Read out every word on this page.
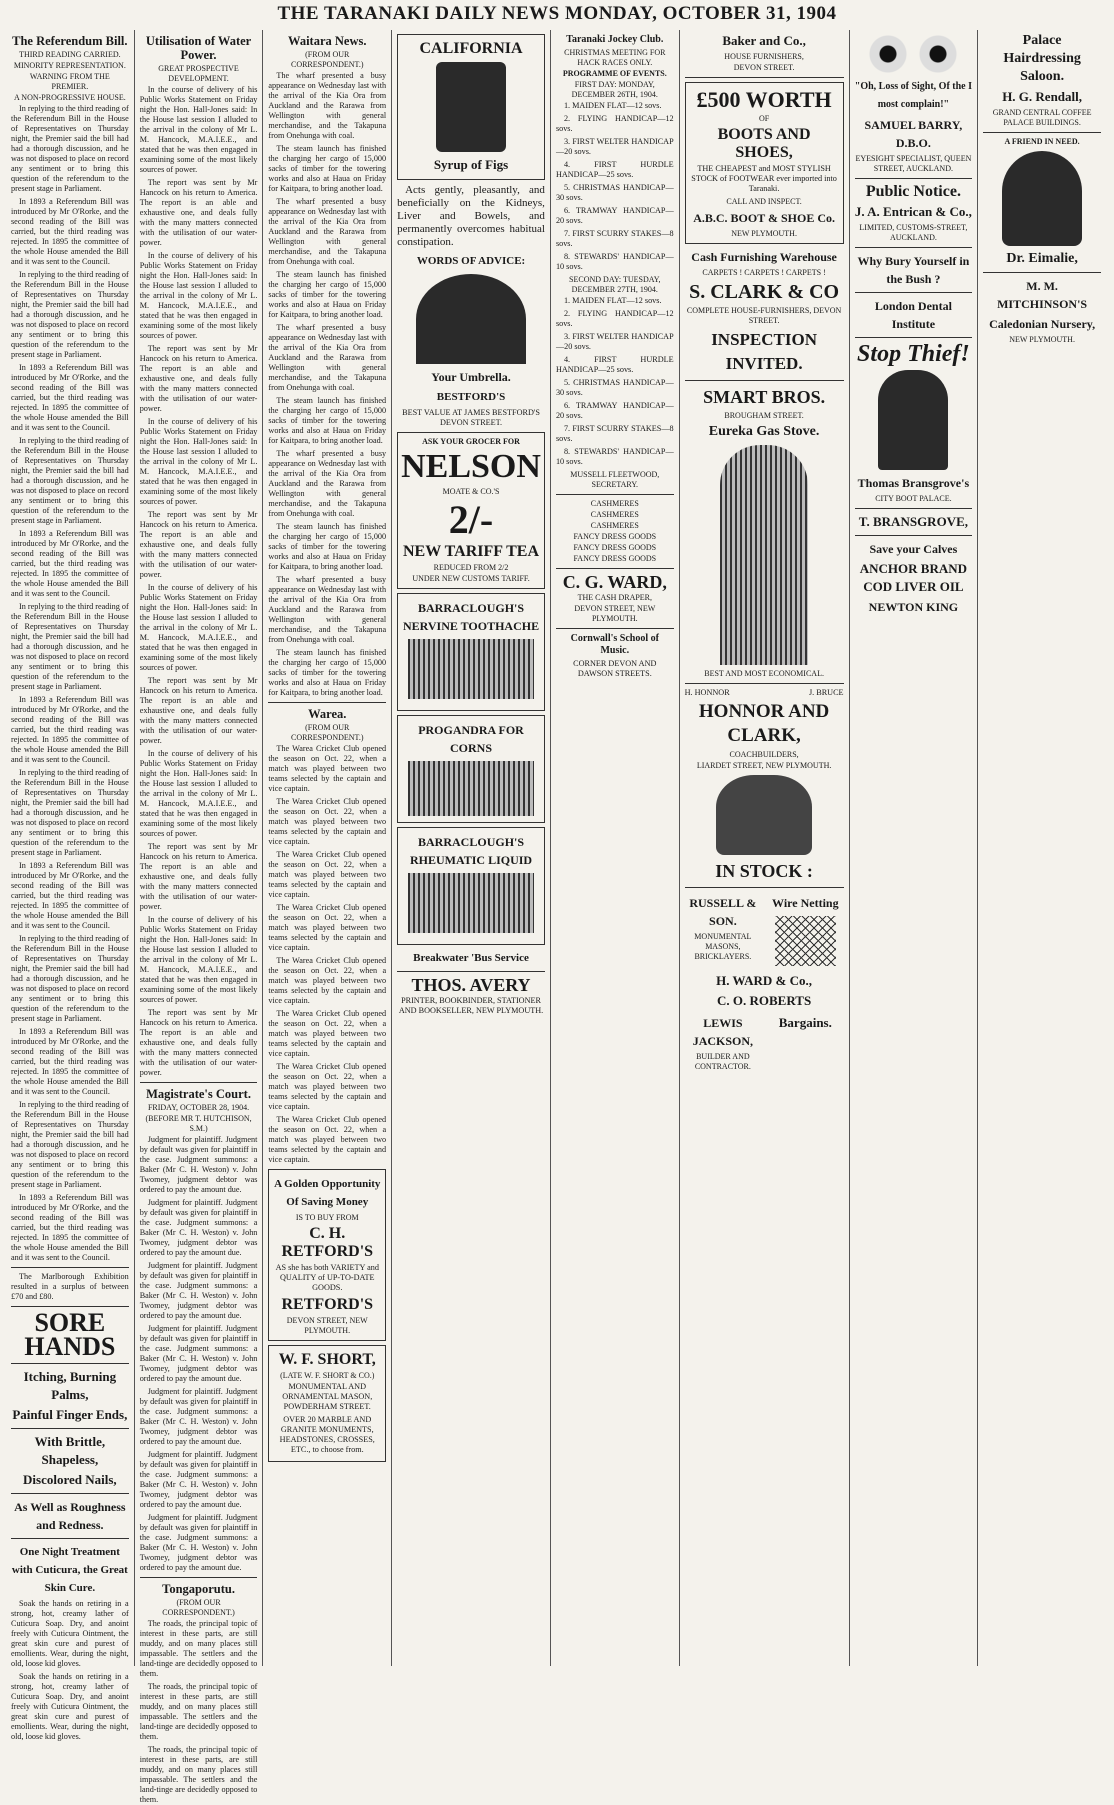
THE TARANAKI DAILY NEWS MONDAY, OCTOBER 31, 1904
The Referendum Bill.
THIRD READING CARRIED.
MINORITY REPRESENTATION.
WARNING FROM THE PREMIER.
A NON-PROGRESSIVE HOUSE.

In replying to the third reading of the Referendum Bill in the House of Representatives on Thursday night, the Premier said the bill had had a thorough discussion, and he was not disposed to place on record any sentiment or to bring this question of the referendum to the present stage in Parliament.

In 1893 a Referendum Bill was introduced by Mr O'Rorke, and the second reading of the Bill was carried, but the third reading was rejected. In 1895 the committee of the whole House amended the Bill and it was sent to the Council.

In replying to the third reading of the Referendum Bill in the House of Representatives on Thursday night, the Premier said the bill had had a thorough discussion, and he was not disposed to place on record any sentiment or to bring this question of the referendum to the present stage in Parliament.

In 1893 a Referendum Bill was introduced by Mr O'Rorke, and the second reading of the Bill was carried, but the third reading was rejected. In 1895 the committee of the whole House amended the Bill and it was sent to the Council.

In replying to the third reading of the Referendum Bill in the House of Representatives on Thursday night, the Premier said the bill had had a thorough discussion, and he was not disposed to place on record any sentiment or to bring this question of the referendum to the present stage in Parliament.

In 1893 a Referendum Bill was introduced by Mr O'Rorke, and the second reading of the Bill was carried, but the third reading was rejected. In 1895 the committee of the whole House amended the Bill and it was sent to the Council.

In replying to the third reading of the Referendum Bill in the House of Representatives on Thursday night, the Premier said the bill had had a thorough discussion, and he was not disposed to place on record any sentiment or to bring this question of the referendum to the present stage in Parliament.

In 1893 a Referendum Bill was introduced by Mr O'Rorke, and the second reading of the Bill was carried, but the third reading was rejected. In 1895 the committee of the whole House amended the Bill and it was sent to the Council.

In replying to the third reading of the Referendum Bill in the House of Representatives on Thursday night, the Premier said the bill had had a thorough discussion, and he was not disposed to place on record any sentiment or to bring this question of the referendum to the present stage in Parliament.

In 1893 a Referendum Bill was introduced by Mr O'Rorke, and the second reading of the Bill was carried, but the third reading was rejected. In 1895 the committee of the whole House amended the Bill and it was sent to the Council.

In replying to the third reading of the Referendum Bill in the House of Representatives on Thursday night, the Premier said the bill had had a thorough discussion, and he was not disposed to place on record any sentiment or to bring this question of the referendum to the present stage in Parliament.

In 1893 a Referendum Bill was introduced by Mr O'Rorke, and the second reading of the Bill was carried, but the third reading was rejected. In 1895 the committee of the whole House amended the Bill and it was sent to the Council.

In replying to the third reading of the Referendum Bill in the House of Representatives on Thursday night, the Premier said the bill had had a thorough discussion, and he was not disposed to place on record any sentiment or to bring this question of the referendum to the present stage in Parliament.

In 1893 a Referendum Bill was introduced by Mr O'Rorke, and the second reading of the Bill was carried, but the third reading was rejected. In 1895 the committee of the whole House amended the Bill and it was sent to the Council.

The Marlborough Exhibition resulted in a surplus of between £70 and £80.

SORE HANDS
Itching, Burning Palms,
Painful Finger Ends,
With Brittle, Shapeless,
Discolored Nails,
As Well as Roughness and Redness.
One Night Treatment with Cuticura, the Great Skin Cure.

Soak the hands on retiring in a strong, hot, creamy lather of Cuticura Soap. Dry, and anoint freely with Cuticura Ointment, the great skin cure and purest of emollients. Wear, during the night, old, loose kid gloves.

Soak the hands on retiring in a strong, hot, creamy lather of Cuticura Soap. Dry, and anoint freely with Cuticura Ointment, the great skin cure and purest of emollients. Wear, during the night, old, loose kid gloves.

Utilisation of Water Power.
GREAT PROSPECTIVE DEVELOPMENT.

In the course of delivery of his Public Works Statement on Friday night the Hon. Hall-Jones said: In the House last session I alluded to the arrival in the colony of Mr L. M. Hancock, M.A.I.E.E., and stated that he was then engaged in examining some of the most likely sources of power.

The report was sent by Mr Hancock on his return to America. The report is an able and exhaustive one, and deals fully with the many matters connected with the utilisation of our water-power.

In the course of delivery of his Public Works Statement on Friday night the Hon. Hall-Jones said: In the House last session I alluded to the arrival in the colony of Mr L. M. Hancock, M.A.I.E.E., and stated that he was then engaged in examining some of the most likely sources of power.

The report was sent by Mr Hancock on his return to America. The report is an able and exhaustive one, and deals fully with the many matters connected with the utilisation of our water-power.

In the course of delivery of his Public Works Statement on Friday night the Hon. Hall-Jones said: In the House last session I alluded to the arrival in the colony of Mr L. M. Hancock, M.A.I.E.E., and stated that he was then engaged in examining some of the most likely sources of power.

The report was sent by Mr Hancock on his return to America. The report is an able and exhaustive one, and deals fully with the many matters connected with the utilisation of our water-power.

In the course of delivery of his Public Works Statement on Friday night the Hon. Hall-Jones said: In the House last session I alluded to the arrival in the colony of Mr L. M. Hancock, M.A.I.E.E., and stated that he was then engaged in examining some of the most likely sources of power.

The report was sent by Mr Hancock on his return to America. The report is an able and exhaustive one, and deals fully with the many matters connected with the utilisation of our water-power.

In the course of delivery of his Public Works Statement on Friday night the Hon. Hall-Jones said: In the House last session I alluded to the arrival in the colony of Mr L. M. Hancock, M.A.I.E.E., and stated that he was then engaged in examining some of the most likely sources of power.

The report was sent by Mr Hancock on his return to America. The report is an able and exhaustive one, and deals fully with the many matters connected with the utilisation of our water-power.

In the course of delivery of his Public Works Statement on Friday night the Hon. Hall-Jones said: In the House last session I alluded to the arrival in the colony of Mr L. M. Hancock, M.A.I.E.E., and stated that he was then engaged in examining some of the most likely sources of power.

The report was sent by Mr Hancock on his return to America. The report is an able and exhaustive one, and deals fully with the many matters connected with the utilisation of our water-power.

Magistrate's Court.
FRIDAY, OCTOBER 28, 1904.
(BEFORE MR T. HUTCHISON, S.M.)

Judgment for plaintiff. Judgment by default was given for plaintiff in the case. Judgment summons: a Baker (Mr C. H. Weston) v. John Twomey, judgment debtor was ordered to pay the amount due.

Judgment for plaintiff. Judgment by default was given for plaintiff in the case. Judgment summons: a Baker (Mr C. H. Weston) v. John Twomey, judgment debtor was ordered to pay the amount due.

Judgment for plaintiff. Judgment by default was given for plaintiff in the case. Judgment summons: a Baker (Mr C. H. Weston) v. John Twomey, judgment debtor was ordered to pay the amount due.

Judgment for plaintiff. Judgment by default was given for plaintiff in the case. Judgment summons: a Baker (Mr C. H. Weston) v. John Twomey, judgment debtor was ordered to pay the amount due.

Judgment for plaintiff. Judgment by default was given for plaintiff in the case. Judgment summons: a Baker (Mr C. H. Weston) v. John Twomey, judgment debtor was ordered to pay the amount due.

Judgment for plaintiff. Judgment by default was given for plaintiff in the case. Judgment summons: a Baker (Mr C. H. Weston) v. John Twomey, judgment debtor was ordered to pay the amount due.

Judgment for plaintiff. Judgment by default was given for plaintiff in the case. Judgment summons: a Baker (Mr C. H. Weston) v. John Twomey, judgment debtor was ordered to pay the amount due.

Tongaporutu.
(FROM OUR CORRESPONDENT.)

The roads, the principal topic of interest in these parts, are still muddy, and on many places still impassable. The settlers and the land-tinge are decidedly opposed to them.

The roads, the principal topic of interest in these parts, are still muddy, and on many places still impassable. The settlers and the land-tinge are decidedly opposed to them.

The roads, the principal topic of interest in these parts, are still muddy, and on many places still impassable. The settlers and the land-tinge are decidedly opposed to them.

Waitara News.
(FROM OUR CORRESPONDENT.)

The wharf presented a busy appearance on Wednesday last with the arrival of the Kia Ora from Auckland and the Rarawa from Wellington with general merchandise, and the Takapuna from Onehunga with coal.

The steam launch has finished the charging her cargo of 15,000 sacks of timber for the towering works and also at Haua on Friday for Kaitpara, to bring another load.

The wharf presented a busy appearance on Wednesday last with the arrival of the Kia Ora from Auckland and the Rarawa from Wellington with general merchandise, and the Takapuna from Onehunga with coal.

The steam launch has finished the charging her cargo of 15,000 sacks of timber for the towering works and also at Haua on Friday for Kaitpara, to bring another load.

The wharf presented a busy appearance on Wednesday last with the arrival of the Kia Ora from Auckland and the Rarawa from Wellington with general merchandise, and the Takapuna from Onehunga with coal.

The steam launch has finished the charging her cargo of 15,000 sacks of timber for the towering works and also at Haua on Friday for Kaitpara, to bring another load.

The wharf presented a busy appearance on Wednesday last with the arrival of the Kia Ora from Auckland and the Rarawa from Wellington with general merchandise, and the Takapuna from Onehunga with coal.

The steam launch has finished the charging her cargo of 15,000 sacks of timber for the towering works and also at Haua on Friday for Kaitpara, to bring another load.

The wharf presented a busy appearance on Wednesday last with the arrival of the Kia Ora from Auckland and the Rarawa from Wellington with general merchandise, and the Takapuna from Onehunga with coal.

The steam launch has finished the charging her cargo of 15,000 sacks of timber for the towering works and also at Haua on Friday for Kaitpara, to bring another load.

Warea.
(FROM OUR CORRESPONDENT.)

The Warea Cricket Club opened the season on Oct. 22, when a match was played between two teams selected by the captain and vice captain.

The Warea Cricket Club opened the season on Oct. 22, when a match was played between two teams selected by the captain and vice captain.

The Warea Cricket Club opened the season on Oct. 22, when a match was played between two teams selected by the captain and vice captain.

The Warea Cricket Club opened the season on Oct. 22, when a match was played between two teams selected by the captain and vice captain.

The Warea Cricket Club opened the season on Oct. 22, when a match was played between two teams selected by the captain and vice captain.

The Warea Cricket Club opened the season on Oct. 22, when a match was played between two teams selected by the captain and vice captain.

The Warea Cricket Club opened the season on Oct. 22, when a match was played between two teams selected by the captain and vice captain.

The Warea Cricket Club opened the season on Oct. 22, when a match was played between two teams selected by the captain and vice captain.

A Golden Opportunity Of Saving Money
IS TO BUY FROM
C. H. RETFORD'S

AS she has both VARIETY and QUALITY of UP-TO-DATE GOODS.

RETFORD'S
DEVON STREET, NEW PLYMOUTH.
W. F. SHORT,
(LATE W. F. SHORT & CO.)

MONUMENTAL AND ORNAMENTAL MASON, POWDERHAM STREET.

OVER 20 MARBLE AND GRANITE MONUMENTS, HEADSTONES, CROSSES, ETC., to choose from.

CALIFORNIA
Syrup of Figs

Acts gently, pleasantly, and beneficially on the Kidneys, Liver and Bowels, and permanently overcomes habitual constipation.

WORDS OF ADVICE:
Your Umbrella.
BESTFORD'S

BEST VALUE AT JAMES BESTFORD'S DEVON STREET.

ASK YOUR GROCER FOR
NELSON
MOATE & CO.'S
2/-
NEW TARIFF TEA
REDUCED FROM 2/2
UNDER NEW CUSTOMS TARIFF.
BARRACLOUGH'S NERVINE TOOTHACHE
PROGANDRA FOR CORNS
BARRACLOUGH'S RHEUMATIC LIQUID
Breakwater 'Bus Service
THOS. AVERY

PRINTER, BOOKBINDER, STATIONER AND BOOKSELLER, NEW PLYMOUTH.

Taranaki Jockey Club.
CHRISTMAS MEETING FOR HACK RACES ONLY.
PROGRAMME OF EVENTS.
FIRST DAY: MONDAY, DECEMBER 26TH, 1904.

1. MAIDEN FLAT—12 sovs.

2. FLYING HANDICAP—12 sovs.

3. FIRST WELTER HANDICAP—20 sovs.

4. FIRST HURDLE HANDICAP—25 sovs.

5. CHRISTMAS HANDICAP—30 sovs.

6. TRAMWAY HANDICAP—20 sovs.

7. FIRST SCURRY STAKES—8 sovs.

8. STEWARDS' HANDICAP—10 sovs.

SECOND DAY: TUESDAY, DECEMBER 27TH, 1904.

1. MAIDEN FLAT—12 sovs.

2. FLYING HANDICAP—12 sovs.

3. FIRST WELTER HANDICAP—20 sovs.

4. FIRST HURDLE HANDICAP—25 sovs.

5. CHRISTMAS HANDICAP—30 sovs.

6. TRAMWAY HANDICAP—20 sovs.

7. FIRST SCURRY STAKES—8 sovs.

8. STEWARDS' HANDICAP—10 sovs.

MUSSELL FLEETWOOD, SECRETARY.
CASHMERES
CASHMERES
CASHMERES
FANCY DRESS GOODS
FANCY DRESS GOODS
FANCY DRESS GOODS
C. G. WARD,
THE CASH DRAPER,
DEVON STREET, NEW PLYMOUTH.
Cornwall's School of Music.

CORNER DEVON AND DAWSON STREETS.

Baker and Co.,
HOUSE FURNISHERS,
DEVON STREET.
£500 WORTH
OF
BOOTS AND SHOES,

THE CHEAPEST and MOST STYLISH STOCK of FOOTWEAR ever imported into Taranaki.

CALL AND INSPECT.
A.B.C. BOOT & SHOE Co.
NEW PLYMOUTH.
Cash Furnishing Warehouse
CARPETS ! CARPETS ! CARPETS !
S. CLARK & CO
COMPLETE HOUSE-FURNISHERS, DEVON STREET.
INSPECTION INVITED.
SMART BROS.
BROUGHAM STREET.
Eureka Gas Stove.
BEST AND MOST ECONOMICAL.
H. HONNOR	J. BRUCE
HONNOR AND CLARK,
COACHBUILDERS,
LIARDET STREET, NEW PLYMOUTH.
IN STOCK :
RUSSELL & SON.
MONUMENTAL MASONS, BRICKLAYERS.
Wire Netting
H. WARD & Co.,
C. O. ROBERTS
LEWIS JACKSON,
BUILDER AND CONTRACTOR.
Bargains.
"Oh, Loss of Sight, Of the I most complain!"
SAMUEL BARRY, D.B.O.
EYESIGHT SPECIALIST, QUEEN STREET, AUCKLAND.
Public Notice.
J. A. Entrican & Co.,
LIMITED, CUSTOMS-STREET, AUCKLAND.
Why Bury Yourself in the Bush ?
London Dental Institute
Stop Thief!
Thomas Bransgrove's
CITY BOOT PALACE.
T. BRANSGROVE,
Save your Calves
ANCHOR BRAND COD LIVER OIL
NEWTON KING
Palace Hairdressing Saloon.
H. G. Rendall,
GRAND CENTRAL COFFEE PALACE BUILDINGS.
A FRIEND IN NEED.
Dr. Eimalie,
M. M. MITCHINSON'S
Caledonian Nursery,
NEW PLYMOUTH.
